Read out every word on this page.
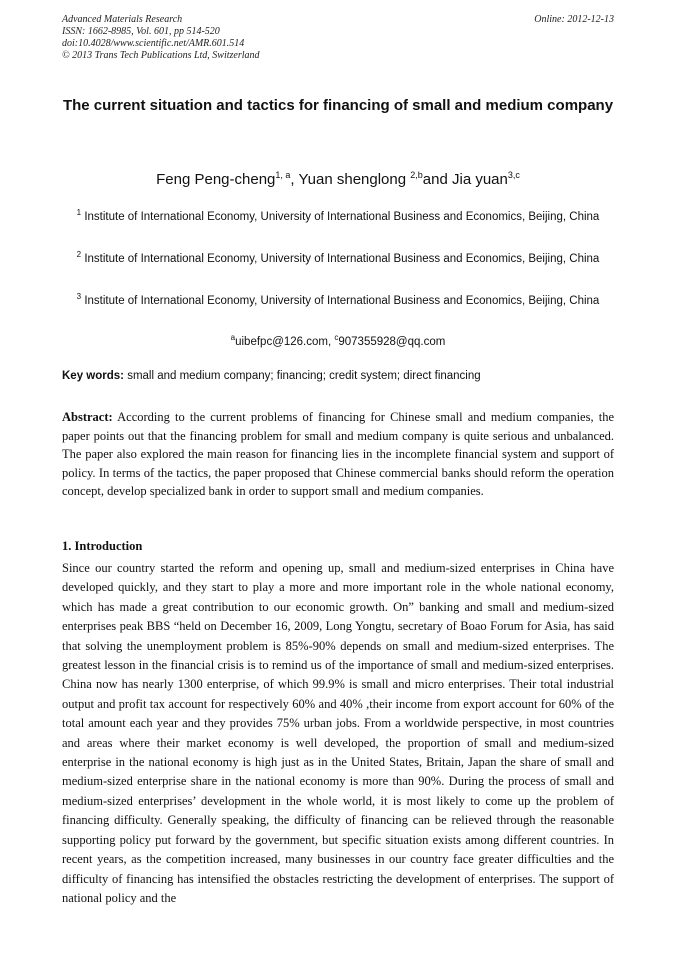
Advanced Materials Research
ISSN: 1662-8985, Vol. 601, pp 514-520
doi:10.4028/www.scientific.net/AMR.601.514
© 2013 Trans Tech Publications Ltd, Switzerland
Online: 2012-12-13
The current situation and tactics for financing of small and medium company
Feng Peng-cheng$^{1, a}$, Yuan shenglong $^{2,b}$and Jia yuan$^{3,c}$
$^1$ Institute of International Economy, University of International Business and Economics, Beijing, China
$^2$ Institute of International Economy, University of International Business and Economics, Beijing, China
$^3$ Institute of International Economy, University of International Business and Economics, Beijing, China
$^a$uibefpc@126.com, $^c$907355928@qq.com
Key words: small and medium company; financing; credit system; direct financing

Abstract: According to the current problems of financing for Chinese small and medium companies, the paper points out that the financing problem for small and medium company is quite serious and unbalanced. The paper also explored the main reason for financing lies in the incomplete financial system and support of policy. In terms of the tactics, the paper proposed that Chinese commercial banks should reform the operation concept, develop specialized bank in order to support small and medium companies.

1. Introduction

Since our country started the reform and opening up, small and medium-sized enterprises in China have developed quickly, and they start to play a more and more important role in the whole national economy, which has made a great contribution to our economic growth. On” banking and small and medium-sized enterprises peak BBS “held on December 16, 2009, Long Yongtu, secretary of Boao Forum for Asia, has said that solving the unemployment problem is 85%-90% depends on small and medium-sized enterprises. The greatest lesson in the financial crisis is to remind us of the importance of small and medium-sized enterprises. China now has nearly 1300 enterprise, of which 99.9% is small and micro enterprises. Their total industrial output and profit tax account for respectively 60% and 40% ,their income from export account for 60% of the total amount each year and they provides 75% urban jobs. From a worldwide perspective, in most countries and areas where their market economy is well developed, the proportion of small and medium-sized enterprise in the national economy is high just as in the United States, Britain, Japan the share of small and medium-sized enterprise share in the national economy is more than 90%. During the process of small and medium-sized enterprises’ development in the whole world, it is most likely to come up the problem of financing difficulty. Generally speaking, the difficulty of financing can be relieved through the reasonable supporting policy put forward by the government, but specific situation exists among different countries. In recent years, as the competition increased, many businesses in our country face greater difficulties and the difficulty of financing has intensified the obstacles restricting the development of enterprises. The support of national policy and the
